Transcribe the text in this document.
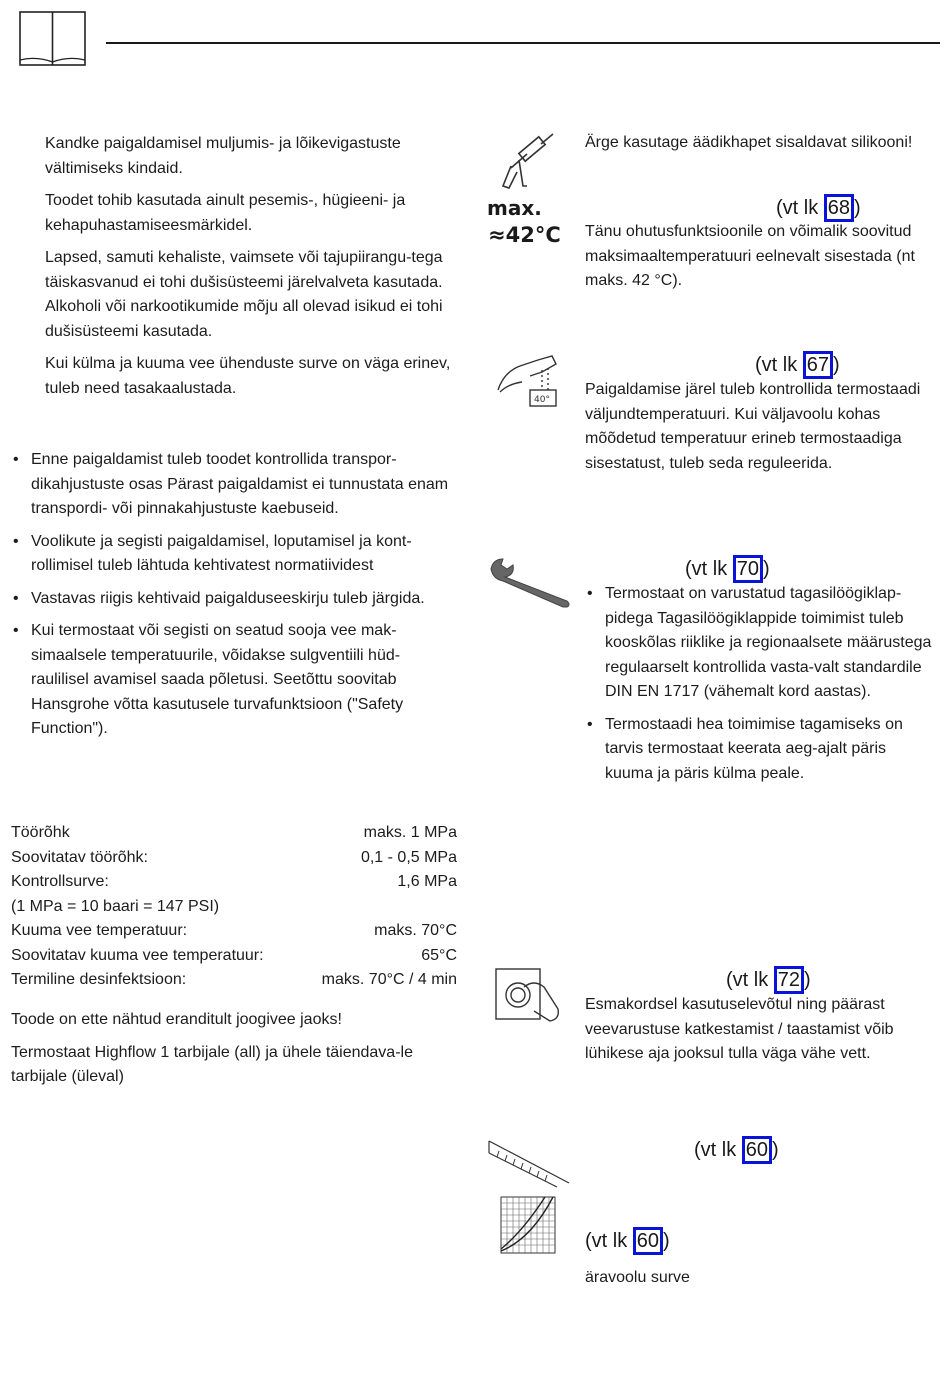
Kandke paigaldamisel muljumis- ja lõikevigastuste vältimiseks kindaid.

Toodet tohib kasutada ainult pesemis-, hügieeni- ja kehapuhastamiseesmärkidel.

Lapsed, samuti kehaliste, vaimsete või tajupiirangu-tega täiskasvanud ei tohi dušisüsteemi järelvalveta kasutada. Alkoholi või narkootikumide mõju all olevad isikud ei tohi dušisüsteemi kasutada.

Kui külma ja kuuma vee ühenduste surve on väga erinev, tuleb need tasakaalustada.

• Enne paigaldamist tuleb toodet kontrollida transpor-dikahjustuste osas Pärast paigaldamist ei tunnustata enam transpordi- või pinnakahjustuste kaebuseid.
• Voolikute ja segisti paigaldamisel, loputamisel ja kont-rollimisel tuleb lähtuda kehtivatest normatiividest
• Vastavas riigis kehtivaid paigalduseeskirju tuleb järgida.
• Kui termostaat või segisti on seatud sooja vee mak-simaalsele temperatuurile, võidakse sulgventiili hüd-raulilisel avamisel saada põletusi. Seetõttu soovitab Hansgrohe võtta kasutusele turvafunktsioon ("Safety Function").
Töörõhk	maks. 1 MPa
Soovitatav töörõhk:	0,1 - 0,5 MPa
Kontrollsurve:	1,6 MPa
(1 MPa = 10 baari = 147 PSI)
Kuuma vee temperatuur:	maks. 70°C
Soovitatav kuuma vee temperatuur:	65°C
Termiline desinfektsioon:	maks. 70°C / 4 min

Toode on ette nähtud eranditult joogivee jaoks!

Termostaat Highflow 1 tarbijale (all) ja ühele täiendava-le tarbijale (üleval)

Ärge kasutage äädikhapet sisaldavat silikooni!
max.
≈42°C
(vt lk 68 )
Tänu ohutusfunktsioonile on võimalik soovitud maksimaaltemperatuuri eelnevalt sisestada (nt maks. 42 °C).
40°
(vt lk 67 )
Paigaldamise järel tuleb kontrollida termostaadi väljundtemperatuuri. Kui väljavoolu kohas mõõdetud temperatuur erineb termostaadiga sisestatust, tuleb seda reguleerida.
(vt lk 70 )
• Termostaat on varustatud tagasilöögiklap-pidega Tagasilöögiklappide toimimist tuleb kooskõlas riiklike ja regionaalsete määrustega regulaarselt kontrollida vasta-valt standardile DIN EN 1717 (vähemalt kord aastas).
• Termostaadi hea toimimise tagamiseks on tarvis termostaat keerata aeg-ajalt päris kuuma ja päris külma peale.
(vt lk 72 )
Esmakordsel kasutuselevõtul ning päärast veevarustuse katkestamist / taastamist võib lühikese aja jooksul tulla väga vähe vett.
(vt lk 60 )
(vt lk 60 )
äravoolu surve
